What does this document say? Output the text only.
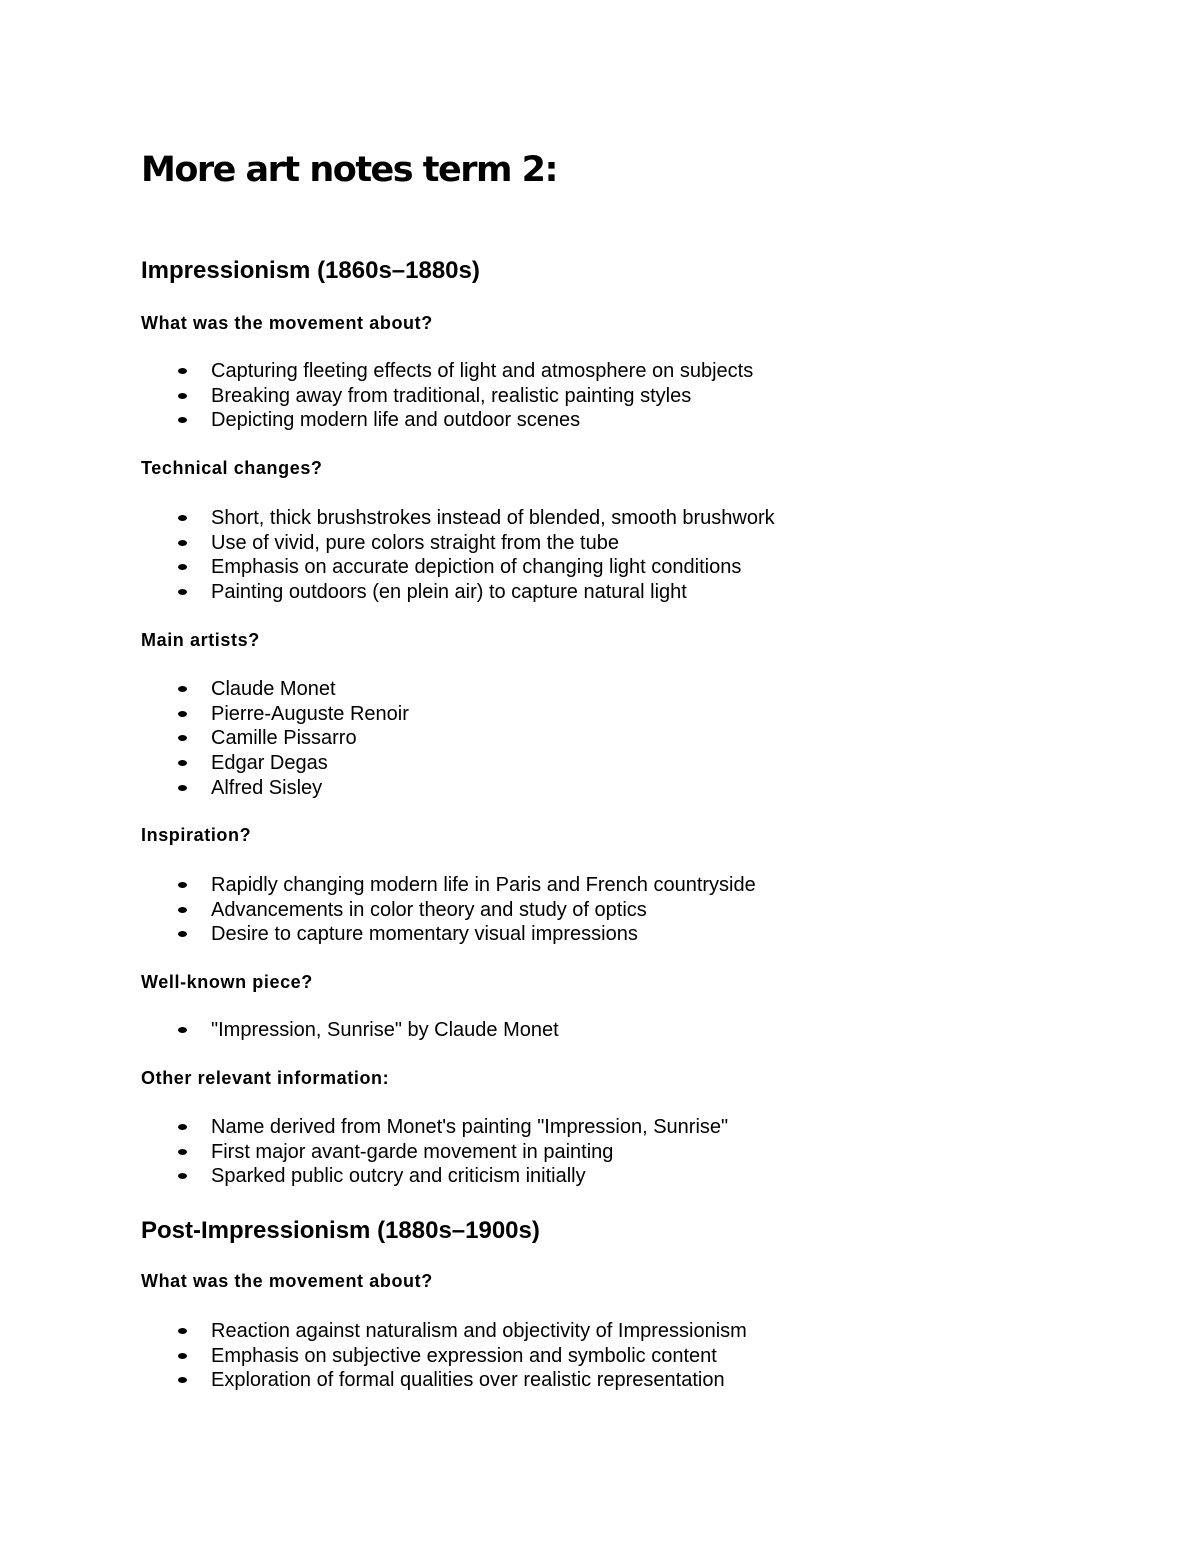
More art notes term 2:
Impressionism (1860s–1880s)
What was the movement about?
Capturing fleeting effects of light and atmosphere on subjects
Breaking away from traditional, realistic painting styles
Depicting modern life and outdoor scenes
Technical changes?
Short, thick brushstrokes instead of blended, smooth brushwork
Use of vivid, pure colors straight from the tube
Emphasis on accurate depiction of changing light conditions
Painting outdoors (en plein air) to capture natural light
Main artists?
Claude Monet
Pierre-Auguste Renoir
Camille Pissarro
Edgar Degas
Alfred Sisley
Inspiration?
Rapidly changing modern life in Paris and French countryside
Advancements in color theory and study of optics
Desire to capture momentary visual impressions
Well-known piece?
"Impression, Sunrise" by Claude Monet
Other relevant information:
Name derived from Monet's painting "Impression, Sunrise"
First major avant-garde movement in painting
Sparked public outcry and criticism initially
Post-Impressionism (1880s–1900s)
What was the movement about?
Reaction against naturalism and objectivity of Impressionism
Emphasis on subjective expression and symbolic content
Exploration of formal qualities over realistic representation
